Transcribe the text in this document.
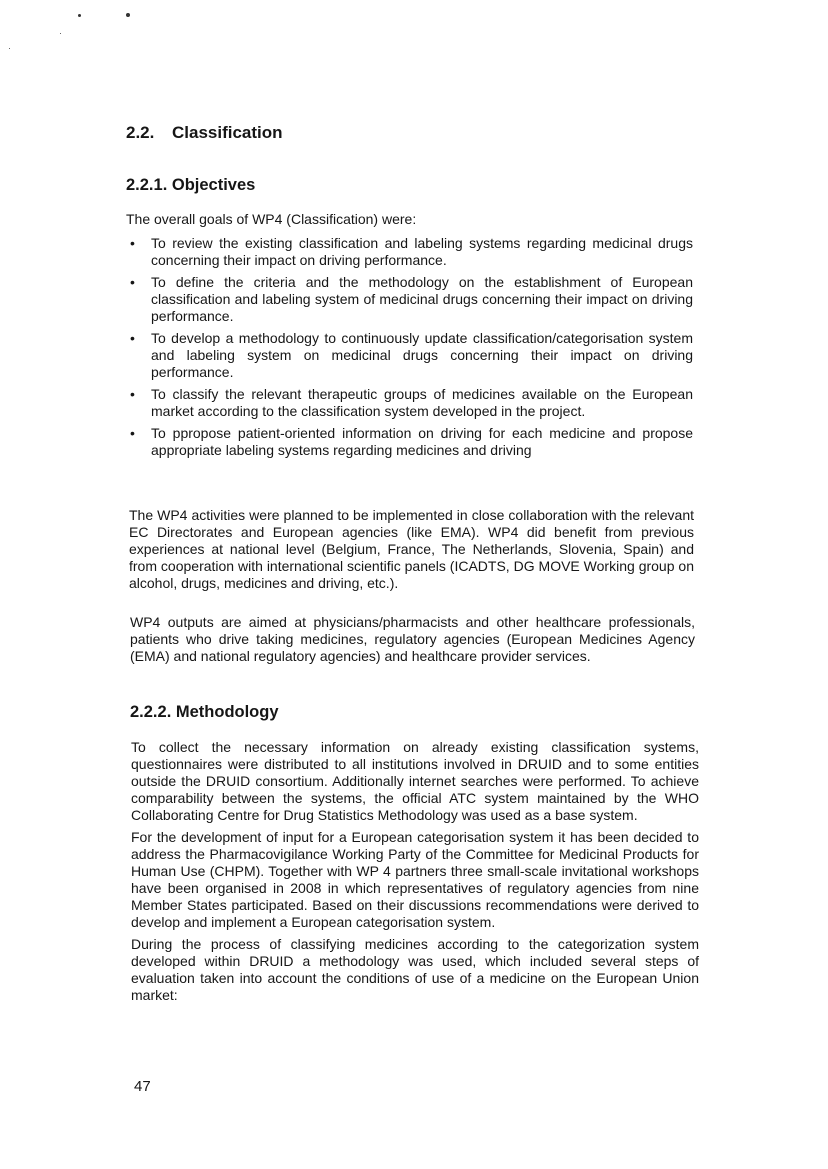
2.2. Classification
2.2.1. Objectives

The overall goals of WP4 (Classification) were:

• To review the existing classification and labeling systems regarding medicinal drugs concerning their impact on driving performance.
• To define the criteria and the methodology on the establishment of European classification and labeling system of medicinal drugs concerning their impact on driving performance.
• To develop a methodology to continuously update classification/categorisation system and labeling system on medicinal drugs concerning their impact on driving performance.
• To classify the relevant therapeutic groups of medicines available on the European market according to the classification system developed in the project.
• To ppropose patient-oriented information on driving for each medicine and propose appropriate labeling systems regarding medicines and driving

The WP4 activities were planned to be implemented in close collaboration with the relevant EC Directorates and European agencies (like EMA). WP4 did benefit from previous experiences at national level (Belgium, France, The Netherlands, Slovenia, Spain) and from cooperation with international scientific panels (ICADTS, DG MOVE Working group on alcohol, drugs, medicines and driving, etc.).

WP4 outputs are aimed at physicians/pharmacists and other healthcare professionals, patients who drive taking medicines, regulatory agencies (European Medicines Agency (EMA) and national regulatory agencies) and healthcare provider services.

2.2.2. Methodology

To collect the necessary information on already existing classification systems, questionnaires were distributed to all institutions involved in DRUID and to some entities outside the DRUID consortium. Additionally internet searches were performed. To achieve comparability between the systems, the official ATC system maintained by the WHO Collaborating Centre for Drug Statistics Methodology was used as a base system.

For the development of input for a European categorisation system it has been decided to address the Pharmacovigilance Working Party of the Committee for Medicinal Products for Human Use (CHPM). Together with WP 4 partners three small-scale invitational workshops have been organised in 2008 in which representatives of regulatory agencies from nine Member States participated. Based on their discussions recommendations were derived to develop and implement a European categorisation system.

During the process of classifying medicines according to the categorization system developed within DRUID a methodology was used, which included several steps of evaluation taken into account the conditions of use of a medicine on the European Union market:

47
